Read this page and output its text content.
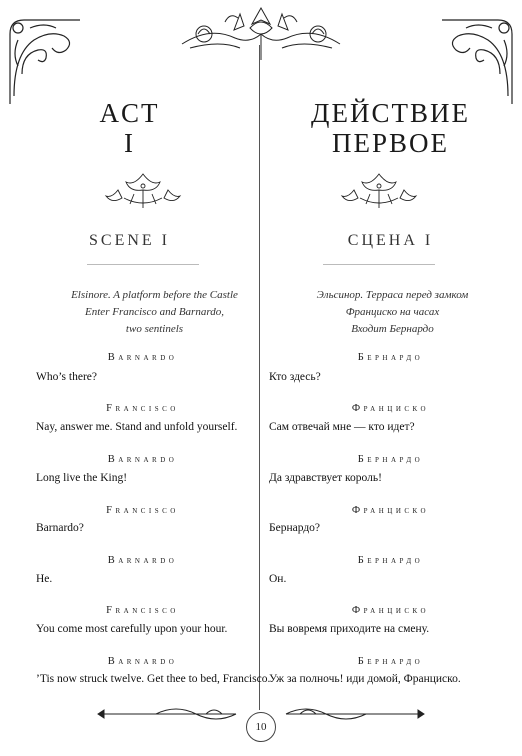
ACT
I
SCENE I
Elsinore. A platform before the Castle
Enter Francisco and Barnardo,
two sentinels
Barnardo
Who’s there?
Francisco
Nay, answer me. Stand and unfold yourself.
Barnardo
Long live the King!
Francisco
Barnardo?
Barnardo
He.
Francisco
You come most carefully upon your hour.
Barnardo
’Tis now struck twelve. Get thee to bed, Francisco.
ДЕЙСТВИЕ
ПЕРВОЕ
СЦЕНА I
Эльсинор. Терраса перед замком
Франциско на часах
Входит Бернардо
Бернардо
Кто здесь?
Франциско
Сам отвечай мне — кто идет?
Бернардо
Да здравствует король!
Франциско
Бернардо?
Бернардо
Он.
Франциско
Вы вовремя приходите на смену.
Бернардо
Уж за полночь! иди домой, Франциско.
10
